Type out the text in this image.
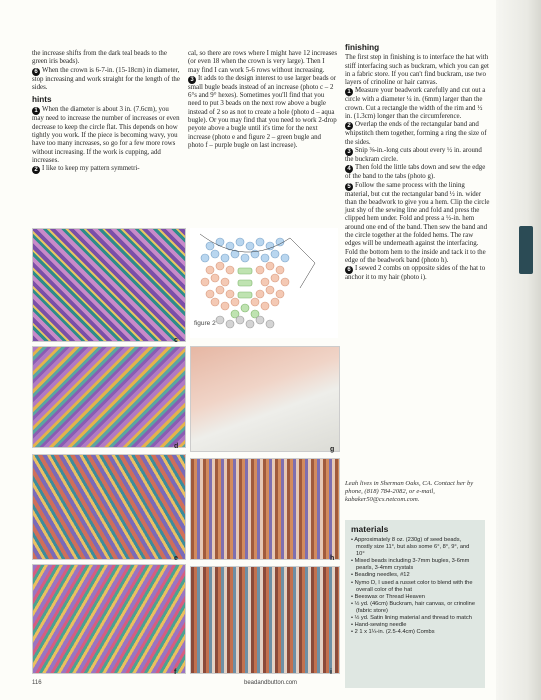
the increase shifts from the dark teal beads to the green iris beads).

6 When the crown is 6-7-in. (15-18cm) in diameter, stop increasing and work straight for the length of the sides.

hints

1 When the diameter is about 3 in. (7.6cm), you may need to increase the number of increases or even decrease to keep the circle flat. This depends on how tightly you work. If the piece is becoming wavy, you have too many increases, so go for a few more rows without increasing. If the work is cupping, add increases.

2 I like to keep my pattern symmetri-

cal, so there are rows where I might have 12 increases (or even 18 when the crown is very large). Then I may find I can work 5-6 rows without increasing.

3 It adds to the design interest to use larger beads or small bugle beads instead of an increase (photo c – 2 6°s and 9° hexes). Sometimes you'll find that you need to put 3 beads on the next row above a bugle instead of 2 so as not to create a hole (photo d – aqua bugle). Or you may find that you need to work 2-drop peyote above a bugle until it's time for the next increase (photo e and figure 2 – green bugle and photo f – purple bugle on last increase).

figure 2
c
d
e
f
g
h
i
finishing

The first step in finishing is to interface the hat with stiff interfacing such as buckram, which you can get in a fabric store. If you can't find buckram, use two layers of crinoline or hair canvas.

1 Measure your beadwork carefully and cut out a circle with a diameter ¼ in. (6mm) larger than the crown. Cut a rectangle the width of the rim and ½ in. (1.3cm) longer than the circumference.

2 Overlap the ends of the rectangular band and whipstitch them together, forming a ring the size of the sides.

3 Snip ⅜-in.-long cuts about every ½ in. around the buckram circle.

4 Then fold the little tabs down and sew the edge of the band to the tabs (photo g).

5 Follow the same process with the lining material, but cut the rectangular band ½ in. wider than the beadwork to give you a hem. Clip the circle just shy of the sewing line and fold and press the clipped hem under. Fold and press a ½-in. hem around one end of the band. Then sew the band and the circle together at the folded hems. The raw edges will be underneath against the interfacing. Fold the bottom hem to the inside and tack it to the edge of the beadwork band (photo h).

6 I sewed 2 combs on opposite sides of the hat to anchor it to my hair (photo i).

Leah lives in Sherman Oaks, CA. Contact her by phone, (818) 784-2082, or e-mail, kabaker50@cs.netcom.com.
materials
• Approximately 8 oz. (230g) of seed beads, mostly size 11°, but also some 6°, 8°, 9°, and 10°
• Mixed beads including 3-7mm bugles, 3-6mm pearls, 3-4mm crystals
• Beading needles, #12
• Nymo D, I used a russet color to blend with the overall color of the hat
• Beeswax or Thread Heaven
• ½ yd. (46cm) Buckram, hair canvas, or crinoline (fabric store)
• ½ yd. Satin lining material and thread to match
• Hand-sewing needle
• 2 1 x 1¼-in. (2.5-4.4cm) Combs
116	beadandbutton.com
